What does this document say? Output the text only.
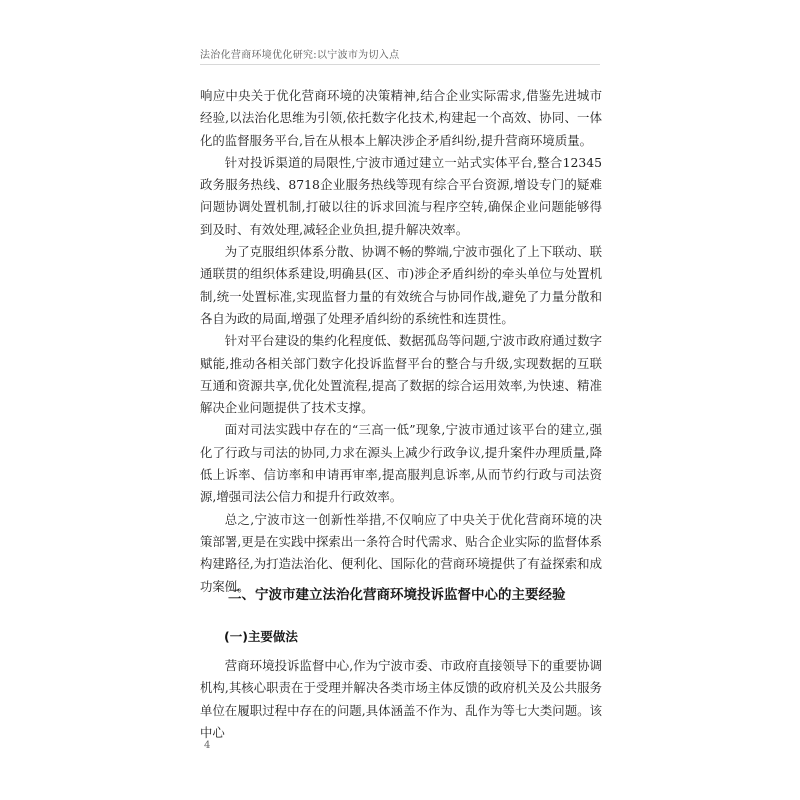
法治化营商环境优化研究:以宁波市为切入点

响应中央关于优化营商环境的决策精神,结合企业实际需求,借鉴先进城市经验,以法治化思维为引领,依托数字化技术,构建起一个高效、协同、一体化的监督服务平台,旨在从根本上解决涉企矛盾纠纷,提升营商环境质量。

针对投诉渠道的局限性,宁波市通过建立一站式实体平台,整合12345政务服务热线、8718企业服务热线等现有综合平台资源,增设专门的疑难问题协调处置机制,打破以往的诉求回流与程序空转,确保企业问题能够得到及时、有效处理,减轻企业负担,提升解决效率。

为了克服组织体系分散、协调不畅的弊端,宁波市强化了上下联动、联通联贯的组织体系建设,明确县(区、市)涉企矛盾纠纷的牵头单位与处置机制,统一处置标准,实现监督力量的有效统合与协同作战,避免了力量分散和各自为政的局面,增强了处理矛盾纠纷的系统性和连贯性。

针对平台建设的集约化程度低、数据孤岛等问题,宁波市政府通过数字赋能,推动各相关部门数字化投诉监督平台的整合与升级,实现数据的互联互通和资源共享,优化处置流程,提高了数据的综合运用效率,为快速、精准解决企业问题提供了技术支撑。

面对司法实践中存在的“三高一低”现象,宁波市通过该平台的建立,强化了行政与司法的协同,力求在源头上减少行政争议,提升案件办理质量,降低上诉率、信访率和申请再审率,提高服判息诉率,从而节约行政与司法资源,增强司法公信力和提升行政效率。

总之,宁波市这一创新性举措,不仅响应了中央关于优化营商环境的决策部署,更是在实践中探索出一条符合时代需求、贴合企业实际的监督体系构建路径,为打造法治化、便利化、国际化的营商环境提供了有益探索和成功案例。

二、宁波市建立法治化营商环境投诉监督中心的主要经验
(一)主要做法

营商环境投诉监督中心,作为宁波市委、市政府直接领导下的重要协调机构,其核心职责在于受理并解决各类市场主体反馈的政府机关及公共服务单位在履职过程中存在的问题,具体涵盖不作为、乱作为等七大类问题。该中心

4
